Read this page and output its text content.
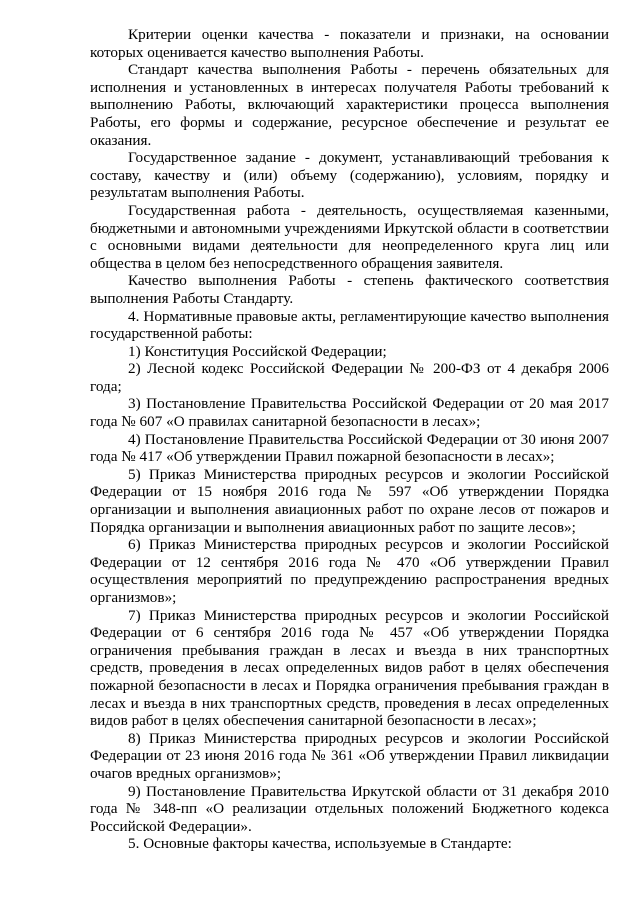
Критерии оценки качества - показатели и признаки, на основании которых оценивается качество выполнения Работы.

Стандарт качества выполнения Работы - перечень обязательных для исполнения и установленных в интересах получателя Работы требований к выполнению Работы, включающий характеристики процесса выполнения Работы, его формы и содержание, ресурсное обеспечение и результат ее оказания.

Государственное задание - документ, устанавливающий требования к составу, качеству и (или) объему (содержанию), условиям, порядку и результатам выполнения Работы.

Государственная работа - деятельность, осуществляемая казенными, бюджетными и автономными учреждениями Иркутской области в соответствии с основными видами деятельности для неопределенного круга лиц или общества в целом без непосредственного обращения заявителя.

Качество выполнения Работы - степень фактического соответствия выполнения Работы Стандарту.

4. Нормативные правовые акты, регламентирующие качество выполнения государственной работы:

1) Конституция Российской Федерации;

2) Лесной кодекс Российской Федерации № 200-ФЗ от 4 декабря 2006 года;

3) Постановление Правительства Российской Федерации от 20 мая 2017 года № 607 «О правилах санитарной безопасности в лесах»;

4) Постановление Правительства Российской Федерации от 30 июня 2007 года № 417 «Об утверждении Правил пожарной безопасности в лесах»;

5) Приказ Министерства природных ресурсов и экологии Российской Федерации от 15 ноября 2016 года № 597 «Об утверждении Порядка организации и выполнения авиационных работ по охране лесов от пожаров и Порядка организации и выполнения авиационных работ по защите лесов»;

6) Приказ Министерства природных ресурсов и экологии Российской Федерации от 12 сентября 2016 года № 470 «Об утверждении Правил осуществления мероприятий по предупреждению распространения вредных организмов»;

7) Приказ Министерства природных ресурсов и экологии Российской Федерации от 6 сентября 2016 года № 457 «Об утверждении Порядка ограничения пребывания граждан в лесах и въезда в них транспортных средств, проведения в лесах определенных видов работ в целях обеспечения пожарной безопасности в лесах и Порядка ограничения пребывания граждан в лесах и въезда в них транспортных средств, проведения в лесах определенных видов работ в целях обеспечения санитарной безопасности в лесах»;

8) Приказ Министерства природных ресурсов и экологии Российской Федерации от 23 июня 2016 года № 361 «Об утверждении Правил ликвидации очагов вредных организмов»;

9) Постановление Правительства Иркутской области от 31 декабря 2010 года № 348-пп «О реализации отдельных положений Бюджетного кодекса Российской Федерации».

5. Основные факторы качества, используемые в Стандарте:
